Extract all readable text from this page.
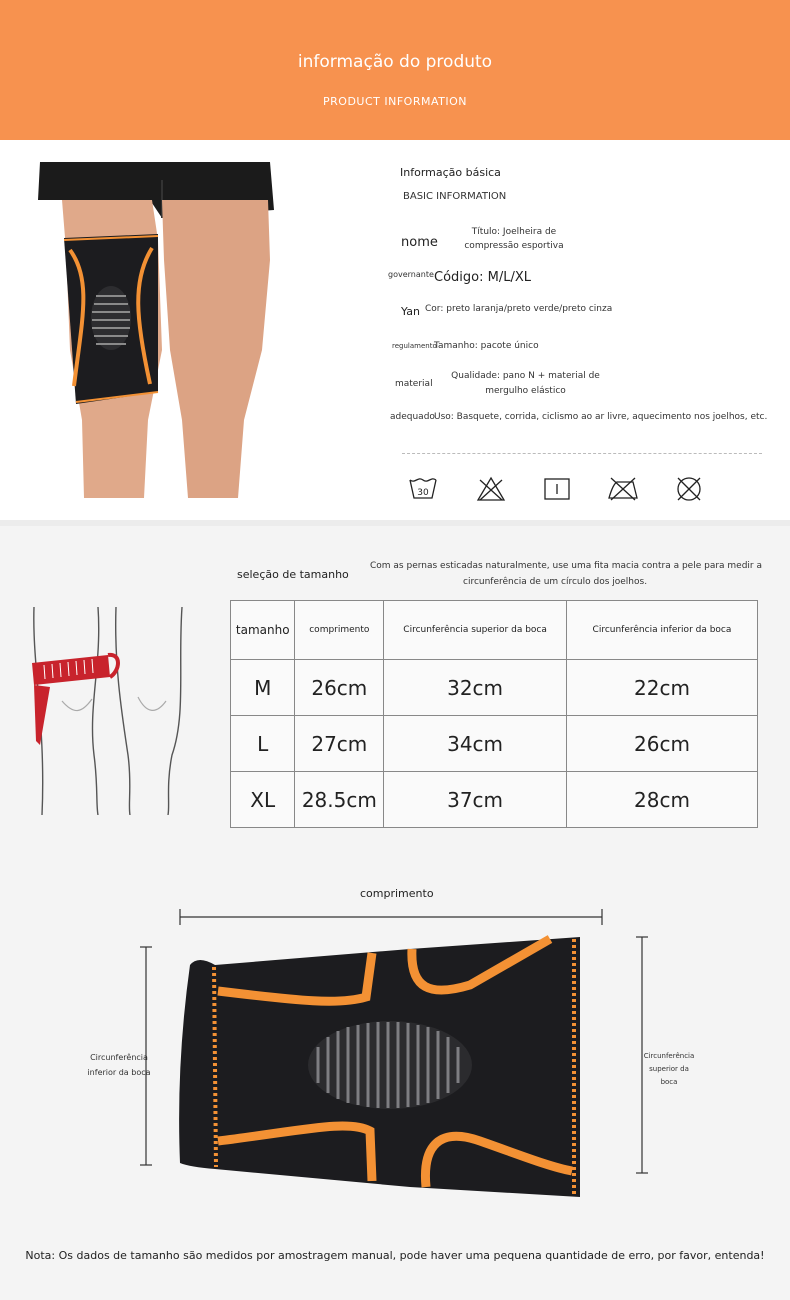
informação do produto
PRODUCT INFORMATION
Informação básica
BASIC INFORMATION
nome
Título: Joelheira de compressão esportiva
governante Código: M/L/XL
Yan Cor: preto laranja/preto verde/preto cinza
regulamento
Tamanho: pacote único
material
Qualidade: pano N + material de mergulho elástico
adequado Uso: Basquete, corrida, ciclismo ao ar livre, aquecimento nos joelhos, etc.
30
seleção de tamanho
Com as pernas esticadas naturalmente, use uma fita macia contra a pele para medir a
circunferência de um círculo dos joelhos.
tamanho	comprimento	Circunferência superior da boca	Circunferência inferior da boca
M	26cm	32cm	22cm
L	27cm	34cm	26cm
XL	28.5cm	37cm	28cm
comprimento
Circunferência inferior da boca
Circunferência superior da boca
Nota: Os dados de tamanho são medidos por amostragem manual, pode haver uma pequena quantidade de erro, por favor, entenda!
